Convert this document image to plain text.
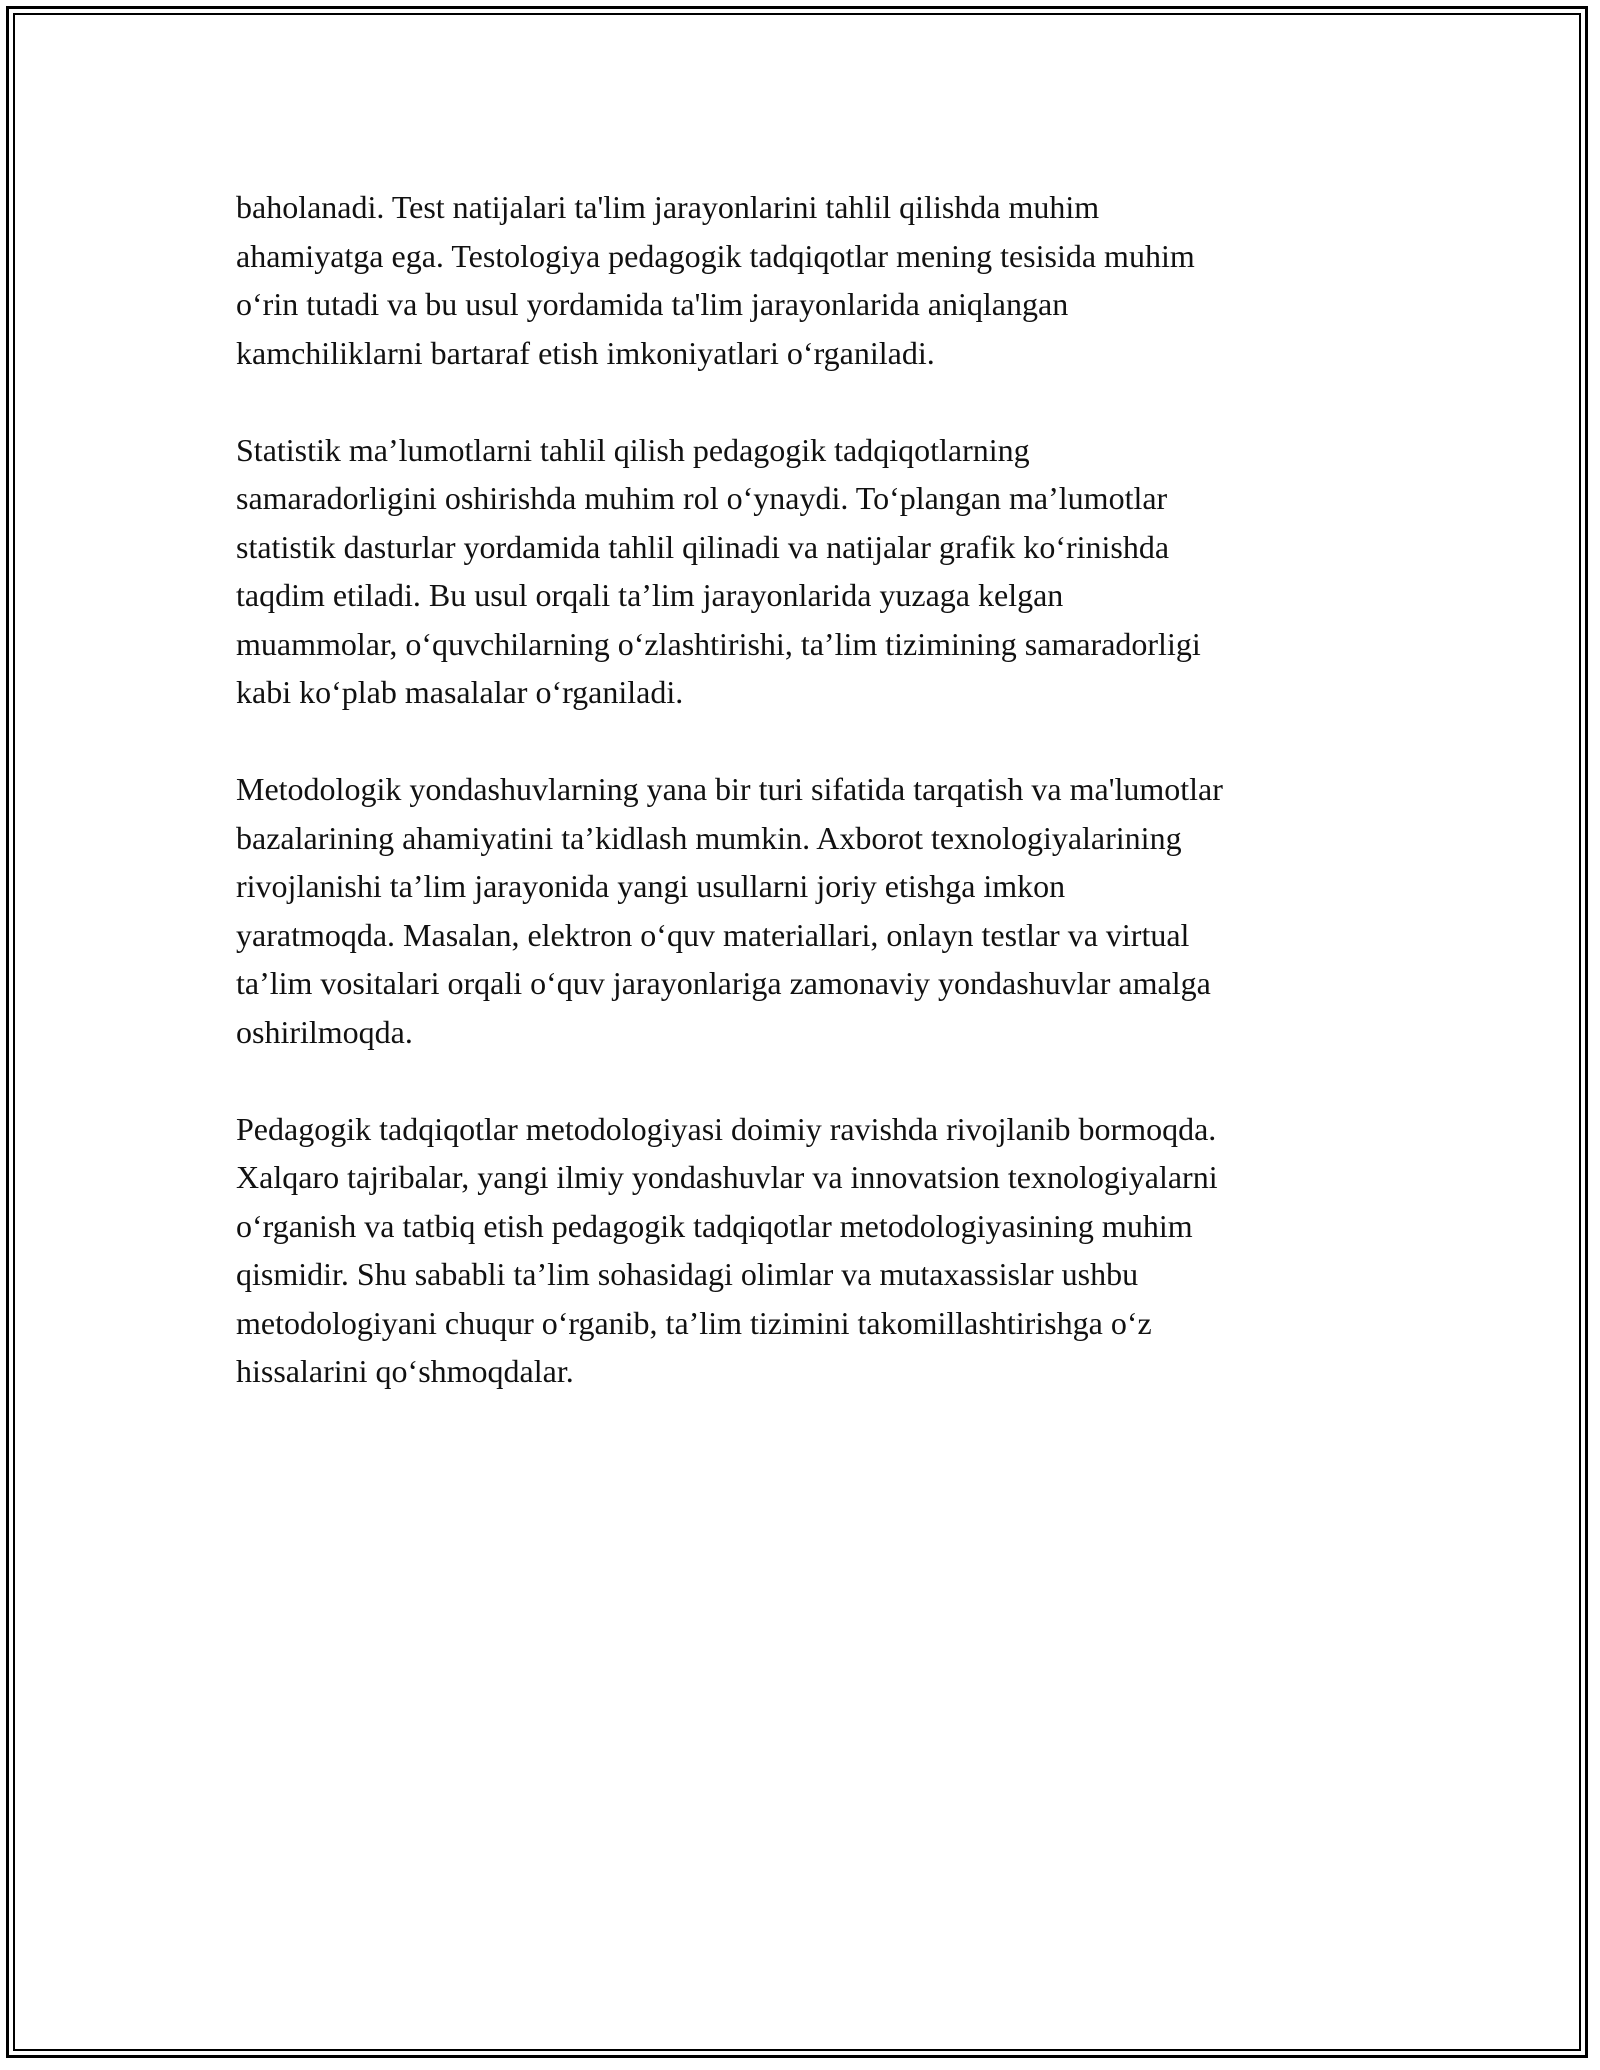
baholanadi. Test natijalari ta'lim jarayonlarini tahlil qilishda muhim
ahamiyatga ega. Testologiya pedagogik tadqiqotlar mening tesisida muhim
o‘rin tutadi va bu usul yordamida ta'lim jarayonlarida aniqlangan
kamchiliklarni bartaraf etish imkoniyatlari o‘rganiladi.

Statistik ma’lumotlarni tahlil qilish pedagogik tadqiqotlarning
samaradorligini oshirishda muhim rol o‘ynaydi. To‘plangan ma’lumotlar
statistik dasturlar yordamida tahlil qilinadi va natijalar grafik ko‘rinishda
taqdim etiladi. Bu usul orqali ta’lim jarayonlarida yuzaga kelgan
muammolar, o‘quvchilarning o‘zlashtirishi, ta’lim tizimining samaradorligi
kabi ko‘plab masalalar o‘rganiladi.

Metodologik yondashuvlarning yana bir turi sifatida tarqatish va ma'lumotlar
bazalarining ahamiyatini ta’kidlash mumkin. Axborot texnologiyalarining
rivojlanishi ta’lim jarayonida yangi usullarni joriy etishga imkon
yaratmoqda. Masalan, elektron o‘quv materiallari, onlayn testlar va virtual
ta’lim vositalari orqali o‘quv jarayonlariga zamonaviy yondashuvlar amalga
oshirilmoqda.

Pedagogik tadqiqotlar metodologiyasi doimiy ravishda rivojlanib bormoqda.
Xalqaro tajribalar, yangi ilmiy yondashuvlar va innovatsion texnologiyalarni
o‘rganish va tatbiq etish pedagogik tadqiqotlar metodologiyasining muhim
qismidir. Shu sababli ta’lim sohasidagi olimlar va mutaxassislar ushbu
metodologiyani chuqur o‘rganib, ta’lim tizimini takomillashtirishga o‘z
hissalarini qo‘shmoqdalar.
